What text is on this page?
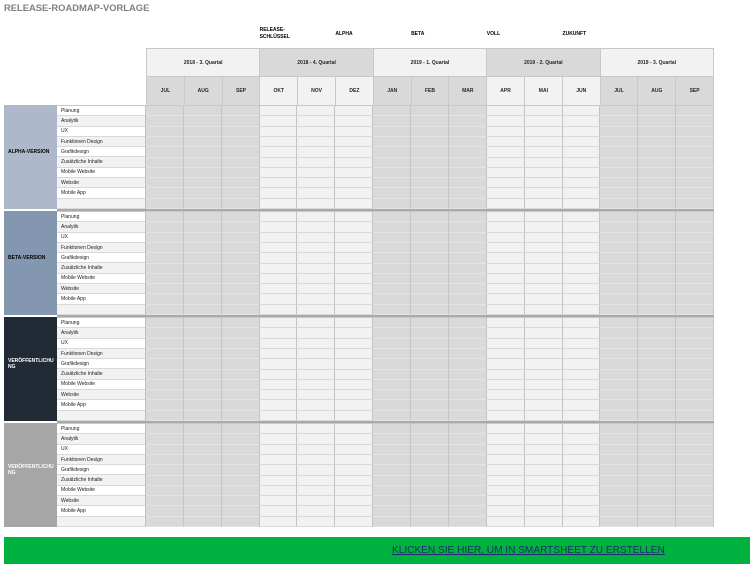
RELEASE-ROADMAP-VORLAGE
RELEASE-SCHLÜSSEL
ALPHA	BETA	VOLL	ZUKUNFT
2018 - 3. Quartal	2018 - 4. Quartal	2019 - 1. Quartal	2019 - 2. Quartal	2019 - 3. Quartal
JUL	AUG	SEP	OKT	NOV	DEZ	JAN	FEB	MAR	APR	MAI	JUN	JUL	AUG	SEP
ALPHA-VERSION
Planung
Analytik
UX
Funktionen Design
Grafikdesign
Zusätzliche Inhalte
Mobile Website
Website
Mobile App
BETA-VERSION
Planung
Analytik
UX
Funktionen Design
Grafikdesign
Zusätzliche Inhalte
Mobile Website
Website
Mobile App
VERÖFFENTLICHUNG
Planung
Analytik
UX
Funktionen Design
Grafikdesign
Zusätzliche Inhalte
Mobile Website
Website
Mobile App
VERÖFFENTLICHUNG
Planung
Analytik
UX
Funktionen Design
Grafikdesign
Zusätzliche Inhalte
Mobile Website
Website
Mobile App
KLICKEN SIE HIER, UM IN SMARTSHEET ZU ERSTELLEN
